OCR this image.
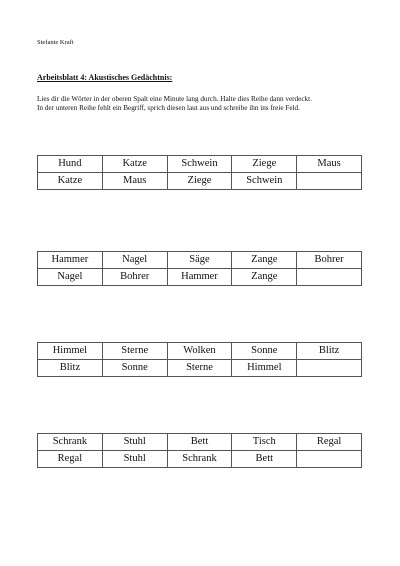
Stefanie Kraft
Arbeitsblatt 4: Akustisches Gedächtnis:

Lies dir die Wörter in der oberen Spalt eine Minute lang durch. Halte dies Reihe dann verdeckt.

In der unteren Reihe fehlt ein Begriff, sprich diesen laut aus und schreibe ihn ins freie Feld.

Hund	Katze	Schwein	Ziege	Maus
Katze	Maus	Ziege	Schwein	
Hammer	Nagel	Säge	Zange	Bohrer
Nagel	Bohrer	Hammer	Zange	
Himmel	Sterne	Wolken	Sonne	Blitz
Blitz	Sonne	Sterne	Himmel	
Schrank	Stuhl	Bett	Tisch	Regal
Regal	Stuhl	Schrank	Bett	
